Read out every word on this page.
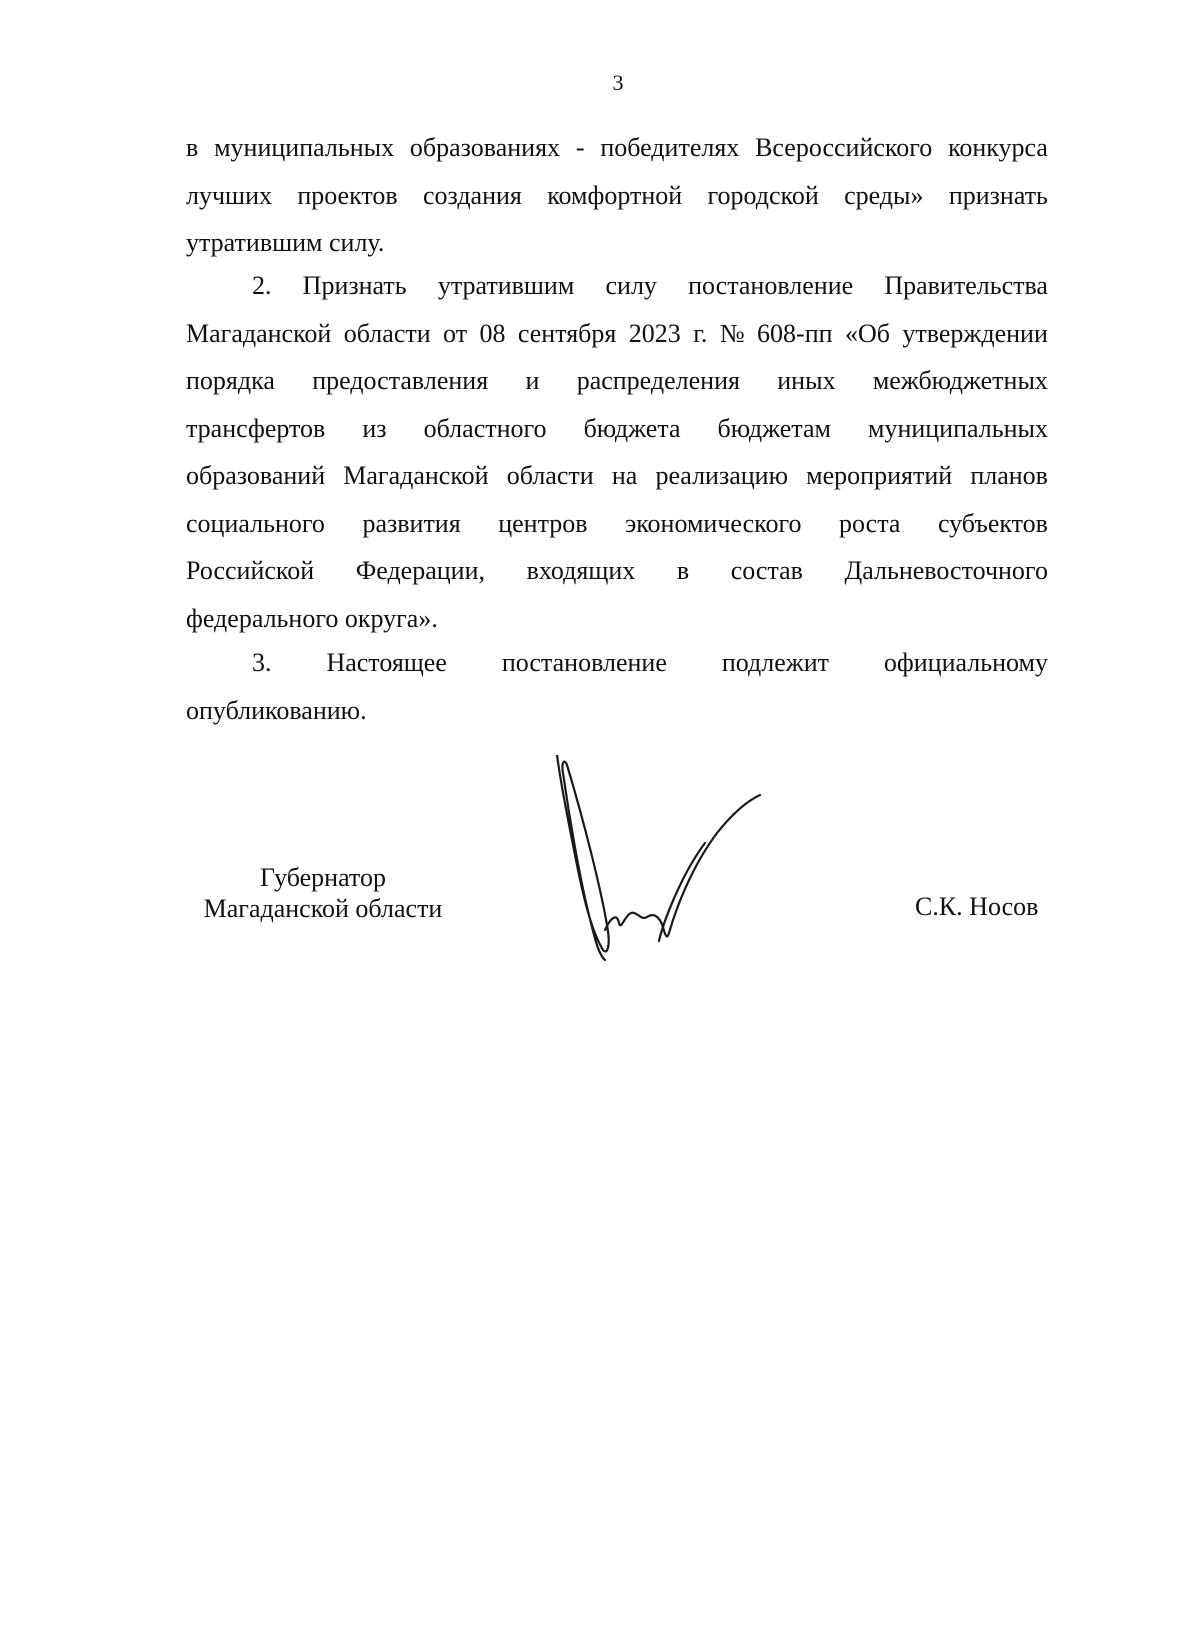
3
в муниципальных образованиях - победителях Всероссийского конкурса
лучших проектов создания комфортной городской среды» признать
утратившим силу.
2. Признать утратившим силу постановление Правительства
Магаданской области от 08 сентября 2023 г. № 608-пп «Об утверждении
порядка предоставления и распределения иных межбюджетных
трансфертов из областного бюджета бюджетам муниципальных
образований Магаданской области на реализацию мероприятий планов
социального развития центров экономического роста субъектов
Российской Федерации, входящих в состав Дальневосточного
федерального округа».
3. Настоящее постановление подлежит официальному
опубликованию.
Губернатор
Магаданской области	С.К. Носов
